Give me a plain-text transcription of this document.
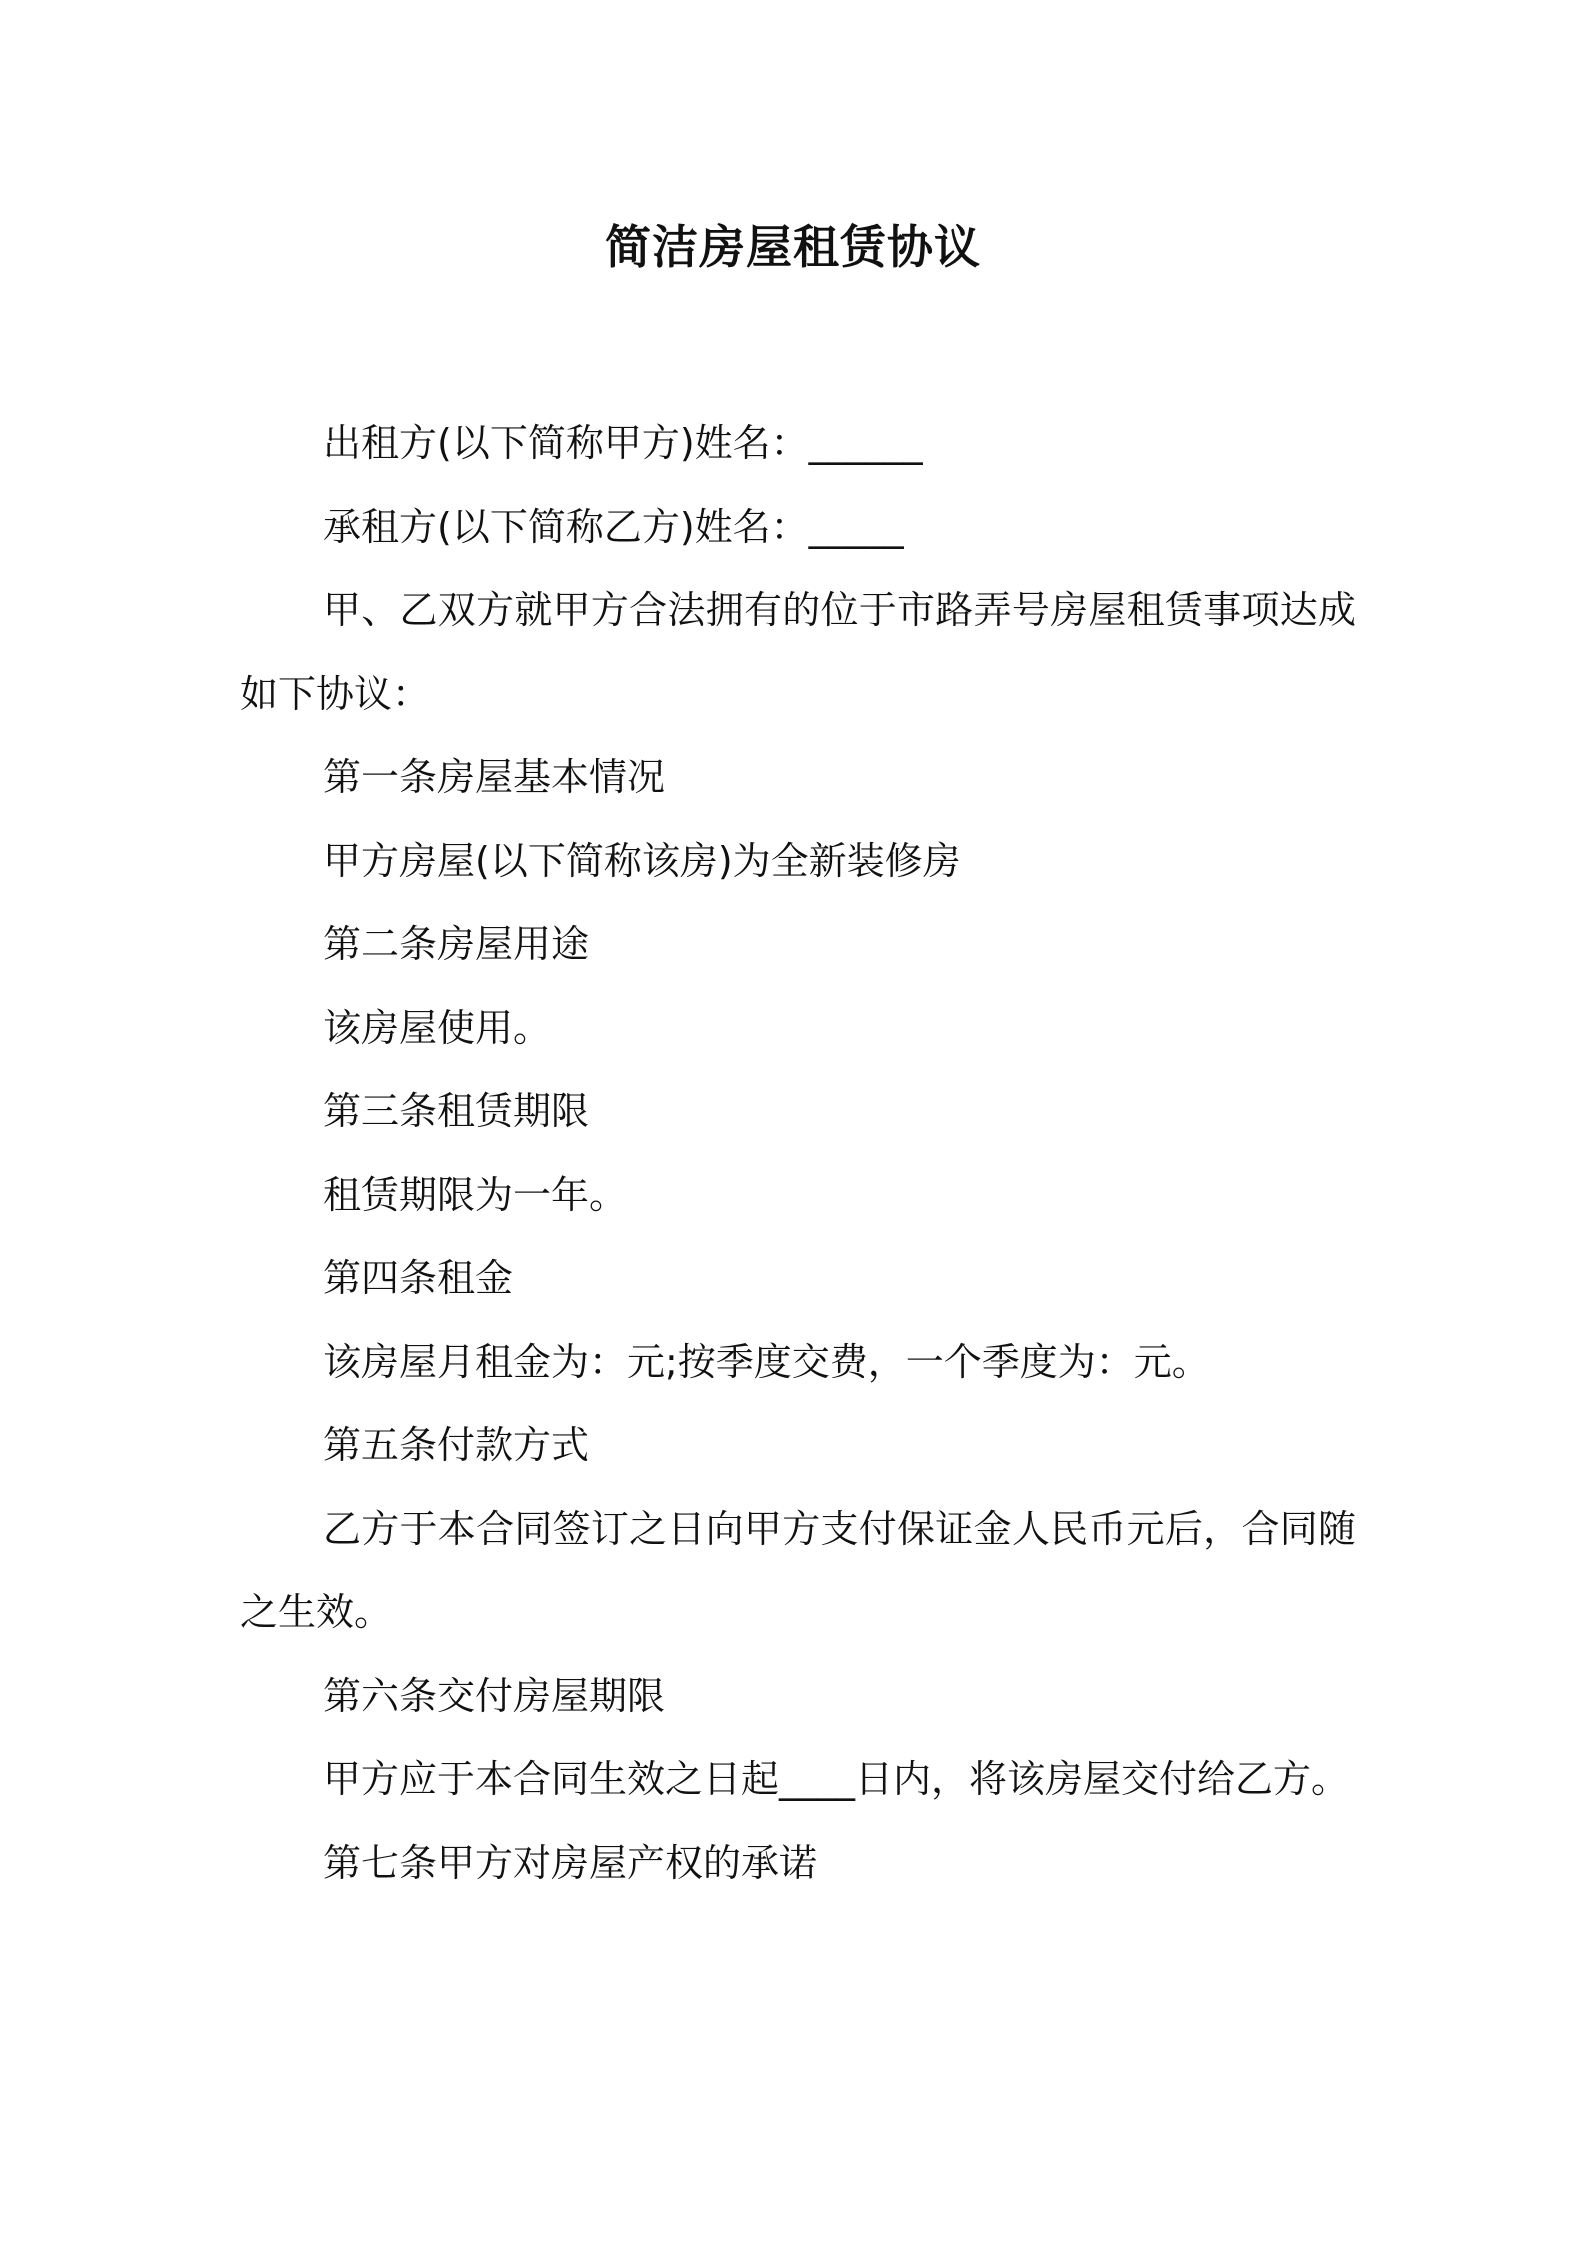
简洁房屋租赁协议

出租方(以下简称甲方)姓名：______

承租方(以下简称乙方)姓名：_____

甲、乙双方就甲方合法拥有的位于市路弄号房屋租赁事项达成如下协议：

第一条房屋基本情况

甲方房屋(以下简称该房)为全新装修房

第二条房屋用途

该房屋使用。

第三条租赁期限

租赁期限为一年。

第四条租金

该房屋月租金为：元;按季度交费，一个季度为：元。

第五条付款方式

乙方于本合同签订之日向甲方支付保证金人民币元后，合同随之生效。

第六条交付房屋期限

甲方应于本合同生效之日起____日内，将该房屋交付给乙方。

第七条甲方对房屋产权的承诺
